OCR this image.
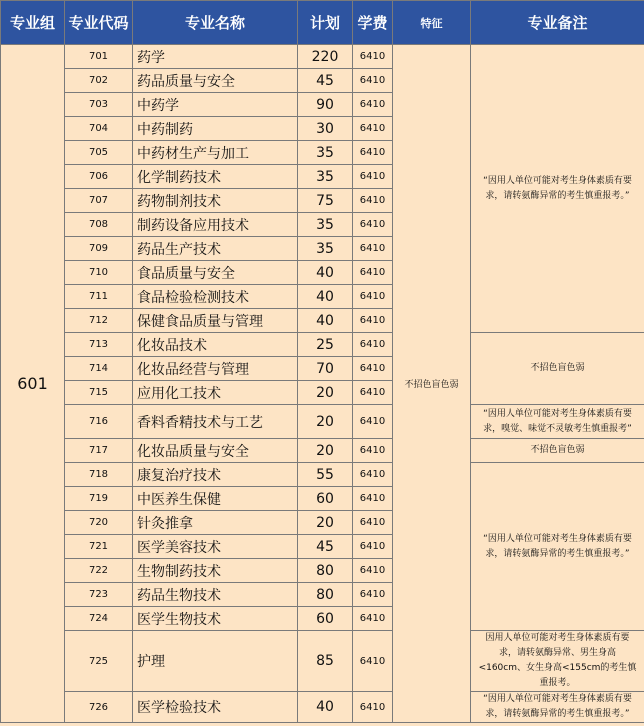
专业组	专业代码	专业名称	计划	学费	特征	专业备注
601	701	药学	220	6410	不招色盲色弱	“因用人单位可能对考生身体素质有要求，请转氨酶异常的考生慎重报考。”
	702	药品质量与安全	45	6410		
	703	中药学	90	6410		
	704	中药制药	30	6410		
	705	中药材生产与加工	35	6410		
	706	化学制药技术	35	6410		
	707	药物制剂技术	75	6410		
	708	制药设备应用技术	35	6410		
	709	药品生产技术	35	6410		
	710	食品质量与安全	40	6410		
	711	食品检验检测技术	40	6410		
	712	保健食品质量与管理	40	6410		
	713	化妆品技术	25	6410		不招色盲色弱
	714	化妆品经营与管理	70	6410		
	715	应用化工技术	20	6410		
	716	香料香精技术与工艺	20	6410		“因用人单位可能对考生身体素质有要求，嗅觉、味觉不灵敏考生慎重报考”
	717	化妆品质量与安全	20	6410		不招色盲色弱
	718	康复治疗技术	55	6410		“因用人单位可能对考生身体素质有要求，请转氨酶异常的考生慎重报考。”
	719	中医养生保健	60	6410		
	720	针灸推拿	20	6410		
	721	医学美容技术	45	6410		
	722	生物制药技术	80	6410		
	723	药品生物技术	80	6410		
	724	医学生物技术	60	6410		
	725	护理	85	6410		因用人单位可能对考生身体素质有要求，请转氨酶异常、男生身高<160cm、女生身高<155cm的考生慎重报考。
	726	医学检验技术	40	6410		“因用人单位可能对考生身体素质有要求，请转氨酶异常的考生慎重报考。”
